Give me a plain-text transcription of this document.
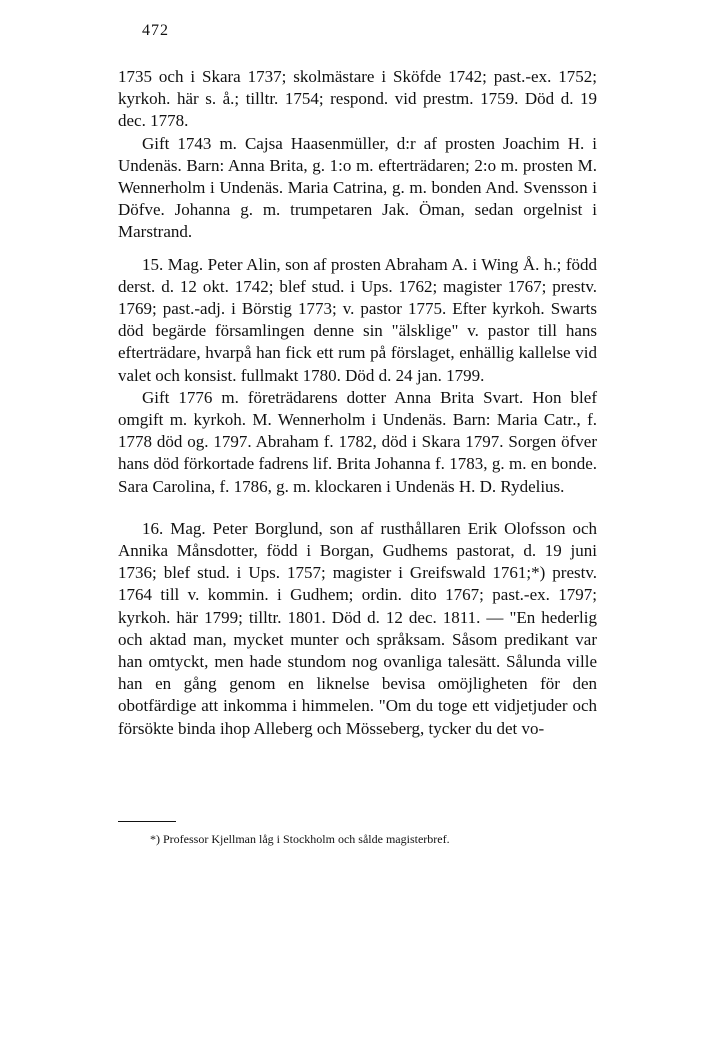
472

1735 och i Skara 1737; skolmästare i Sköfde 1742; past.-ex. 1752; kyrkoh. här s. å.; tilltr. 1754; respond. vid prestm. 1759. Död d. 19 dec. 1778.

Gift 1743 m. Cajsa Haasenmüller, d:r af prosten Joachim H. i Undenäs. Barn: Anna Brita, g. 1:o m. efterträdaren; 2:o m. prosten M. Wennerholm i Undenäs. Maria Catrina, g. m. bonden And. Svensson i Döfve. Johanna g. m. trumpetaren Jak. Öman, sedan orgelnist i Marstrand.

15. Mag. Peter Alin, son af prosten Abraham A. i Wing Å. h.; född derst. d. 12 okt. 1742; blef stud. i Ups. 1762; magister 1767; prestv. 1769; past.-adj. i Börstig 1773; v. pastor 1775. Efter kyrkoh. Swarts död begärde församlingen denne sin "älsklige" v. pastor till hans efterträdare, hvarpå han fick ett rum på förslaget, enhällig kallelse vid valet och konsist. fullmakt 1780. Död d. 24 jan. 1799.

Gift 1776 m. företrädarens dotter Anna Brita Svart. Hon blef omgift m. kyrkoh. M. Wennerholm i Undenäs. Barn: Maria Catr., f. 1778 död og. 1797. Abraham f. 1782, död i Skara 1797. Sorgen öfver hans död förkortade fadrens lif. Brita Johanna f. 1783, g. m. en bonde. Sara Carolina, f. 1786, g. m. klockaren i Undenäs H. D. Rydelius.

16. Mag. Peter Borglund, son af rusthållaren Erik Olofsson och Annika Månsdotter, född i Borgan, Gudhems pastorat, d. 19 juni 1736; blef stud. i Ups. 1757; magister i Greifswald 1761;*) prestv. 1764 till v. kommin. i Gudhem; ordin. dito 1767; past.-ex. 1797; kyrkoh. här 1799; tilltr. 1801. Död d. 12 dec. 1811. — "En hederlig och aktad man, mycket munter och språksam. Såsom predikant var han omtyckt, men hade stundom nog ovanliga talesätt. Sålunda ville han en gång genom en liknelse bevisa omöjligheten för den obotfärdige att inkomma i himmelen. "Om du toge ett vidjetjuder och försökte binda ihop Alleberg och Mösseberg, tycker du det vo-

*) Professor Kjellman låg i Stockholm och sålde magisterbref.
